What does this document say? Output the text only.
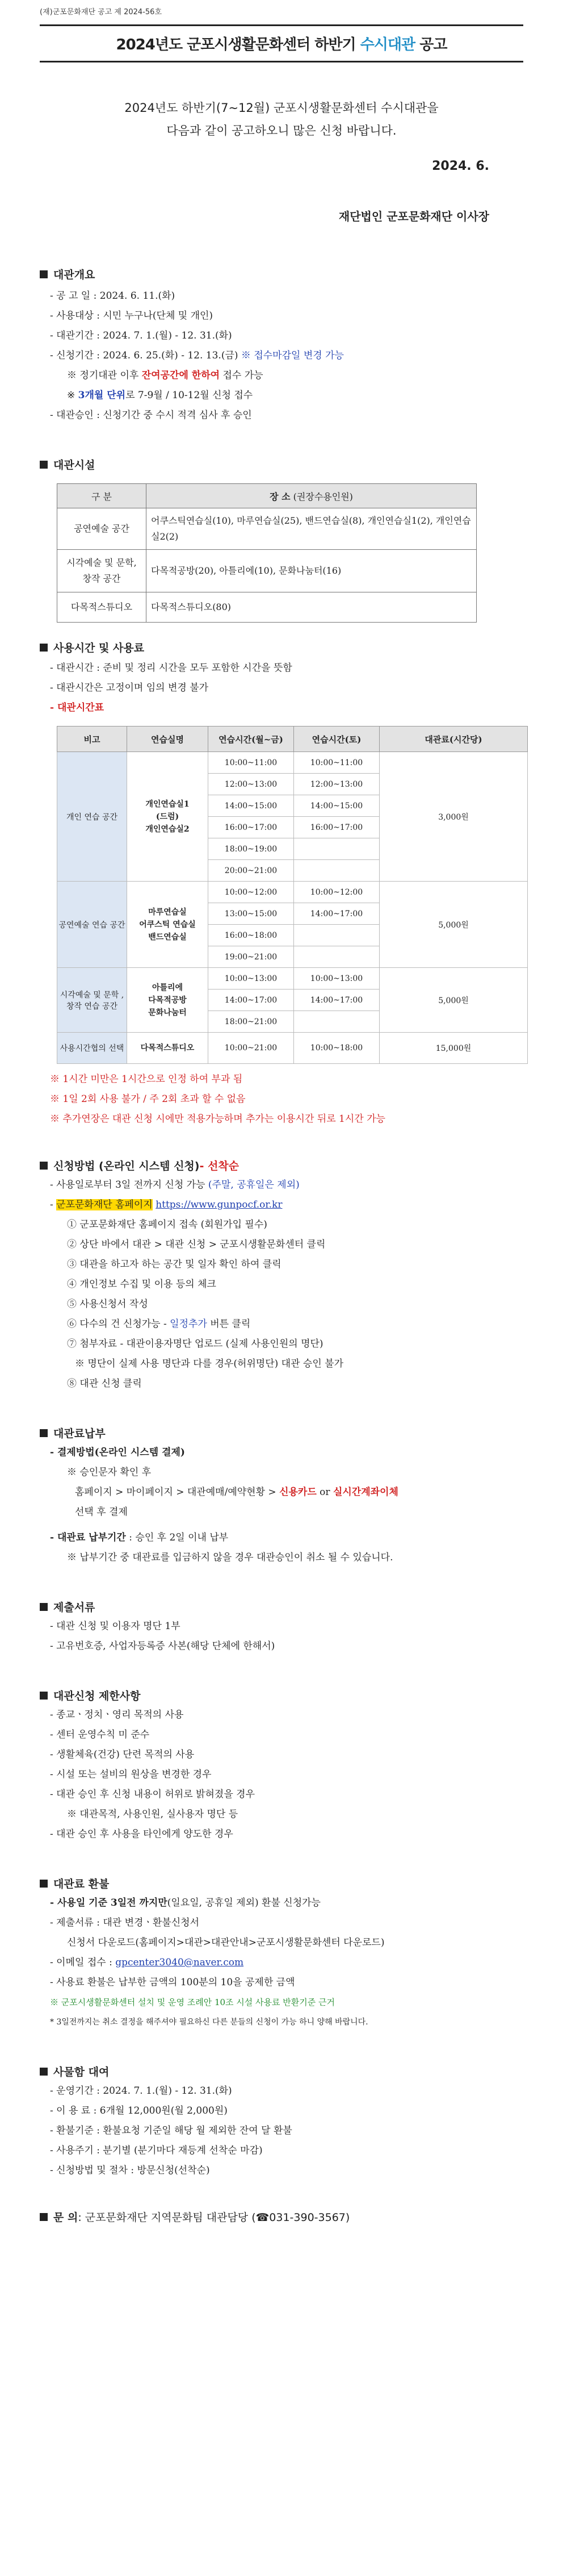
(재)군포문화재단 공고 제 2024-56호
2024년도 군포시생활문화센터 하반기 수시대관 공고
2024년도 하반기(7~12월) 군포시생활문화센터 수시대관을
다음과 같이 공고하오니 많은 신청 바랍니다.
2024. 6.
재단법인 군포문화재단 이사장
대관개요
- 공 고 일 : 2024. 6. 11.(화)
- 사용대상 : 시민 누구나(단체 및 개인)
- 대관기간 : 2024. 7. 1.(월) - 12. 31.(화)
- 신청기간 : 2024. 6. 25.(화) - 12. 13.(금) ※ 접수마감일 변경 가능
※ 정기대관 이후 잔여공간에 한하여 접수 가능
※ 3개월 단위로 7-9월 / 10-12월 신청 접수
- 대관승인 : 신청기간 중 수시 적격 심사 후 승인
대관시설
구 분	장 소 (권장수용인원)
공연예술 공간	어쿠스틱연습실(10), 마루연습실(25), 밴드연습실(8), 개인연습실1(2), 개인연습실2(2)
시각예술 및 문학, 창작 공간	다목적공방(20), 아틀리에(10), 문화나눔터(16)
다목적스튜디오	다목적스튜디오(80)
사용시간 및 사용료
- 대관시간 : 준비 및 정리 시간을 모두 포함한 시간을 뜻함
- 대관시간은 고정이며 임의 변경 불가
- 대관시간표
비고	연습실명	연습시간(월~금)	연습시간(토)	대관료(시간당)
개인 연습 공간	개인연습실1
(드럼)
개인연습실2	10:00~11:00	10:00~11:00	3,000원
		12:00~13:00	12:00~13:00	
		14:00~15:00	14:00~15:00	
		16:00~17:00	16:00~17:00	
		18:00~19:00		
		20:00~21:00		
공연예술 연습 공간	마루연습실
어쿠스틱 연습실
밴드연습실	10:00~12:00	10:00~12:00	5,000원
		13:00~15:00	14:00~17:00	
		16:00~18:00		
		19:00~21:00		
시각예술 및 문학 ,창작 연습 공간	아틀리에
다목적공방
문화나눔터	10:00~13:00	10:00~13:00	5,000원
		14:00~17:00	14:00~17:00	
		18:00~21:00		
사용시간협의 선택	다목적스튜디오	10:00~21:00	10:00~18:00	15,000원
※ 1시간 미만은 1시간으로 인정 하여 부과 됨
※ 1일 2회 사용 불가 / 주 2회 초과 할 수 없음
※ 추가연장은 대관 신청 시에만 적용가능하며 추가는 이용시간 뒤로 1시간 가능
신청방법 (온라인 시스템 신청) - 선착순
- 사용일로부터 3일 전까지 신청 가능 (주말, 공휴일은 제외)
- 군포문화재단 홈페이지 https://www.gunpocf.or.kr
① 군포문화재단 홈페이지 접속 (회원가입 필수)
② 상단 바에서 대관 > 대관 신청 > 군포시생활문화센터 클릭
③ 대관을 하고자 하는 공간 및 일자 확인 하여 클릭
④ 개인정보 수집 및 이용 등의 체크
⑤ 사용신청서 작성
⑥ 다수의 건 신청가능 - 일정추가 버튼 클릭
⑦ 첨부자료 - 대관이용자명단 업로드 (실제 사용인원의 명단)
※ 명단이 실제 사용 명단과 다를 경우(허위명단) 대관 승인 불가
⑧ 대관 신청 클릭
대관료납부
- 결제방법(온라인 시스템 결제)
※ 승인문자 확인 후
홈페이지 > 마이페이지 > 대관예매/예약현황 > 신용카드 or 실시간계좌이체
선택 후 결제
- 대관료 납부기간 : 승인 후 2일 이내 납부
※ 납부기간 중 대관료를 입금하지 않을 경우 대관승인이 취소 될 수 있습니다.
제출서류
- 대관 신청 및 이용자 명단 1부
- 고유번호증, 사업자등록증 사본(해당 단체에 한해서)
대관신청 제한사항
- 종교ㆍ정치ㆍ영리 목적의 사용
- 센터 운영수칙 미 준수
- 생활체육(건강) 단련 목적의 사용
- 시설 또는 설비의 원상을 변경한 경우
- 대관 승인 후 신청 내용이 허위로 밝혀졌을 경우
※ 대관목적, 사용인원, 실사용자 명단 등
- 대관 승인 후 사용을 타인에게 양도한 경우
대관료 환불
- 사용일 기준 3일전 까지만(일요일, 공휴일 제외) 환불 신청가능
- 제출서류 : 대관 변경ㆍ환불신청서
신청서 다운로드(홈페이지>대관>대관안내>군포시생활문화센터 다운로드)
- 이메일 접수 : gpcenter3040@naver.com
- 사용료 환불은 납부한 금액의 100분의 10을 공제한 금액
※ 군포시생활문화센터 설치 및 운영 조례안 10조 시설 사용료 반환기준 근거
* 3일전까지는 취소 결정을 해주셔야 필요하신 다른 분들의 신청이 가능 하니 양해 바랍니다.
사물함 대여
- 운영기간 : 2024. 7. 1.(월) - 12. 31.(화)
- 이 용 료 : 6개월 12,000원(월 2,000원)
- 환불기준 : 환불요청 기준일 해당 월 제외한 잔여 달 환불
- 사용주기 : 분기별 (분기마다 재등계 선착순 마감)
- 신청방법 및 절차 : 방문신청(선착순)
문 의 : 군포문화재단 지역문화팀 대관담당 (☎031-390-3567)
